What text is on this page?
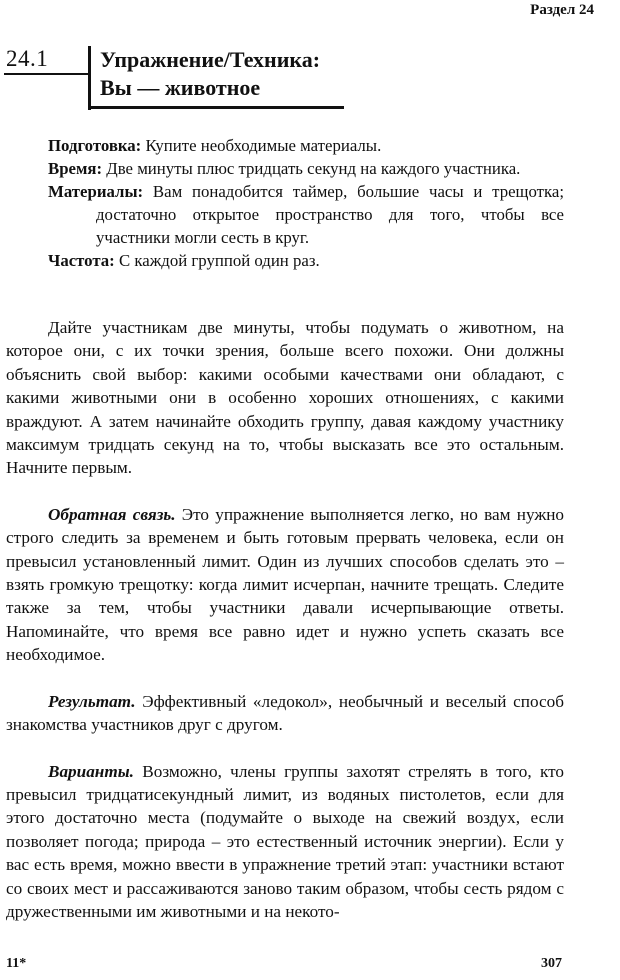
Раздел 24
24.1 Упражнение/Техника:
Вы — животное

Подготовка: Купите необходимые материалы.

Время: Две минуты плюс тридцать секунд на каждого участника.

Материалы: Вам понадобится таймер, большие часы и трещотка; достаточно открытое пространство для того, чтобы все участники могли сесть в круг.

Частота: С каждой группой один раз.

Дайте участникам две минуты, чтобы подумать о животном, на которое они, с их точки зрения, больше всего похожи. Они должны объяснить свой выбор: какими особыми качествами они обладают, с какими животными они в особенно хороших отношениях, с какими враждуют. А затем начинайте обходить группу, давая каждому участнику максимум тридцать секунд на то, чтобы высказать все это остальным. Начните первым.

Обратная связь. Это упражнение выполняется легко, но вам нужно строго следить за временем и быть готовым прервать человека, если он превысил установленный лимит. Один из лучших способов сделать это – взять громкую трещотку: когда лимит исчерпан, начните трещать. Следите также за тем, чтобы участники давали исчерпывающие ответы. Напоминайте, что время все равно идет и нужно успеть сказать все необходимое.

Результат. Эффективный «ледокол», необычный и веселый способ знакомства участников друг с другом.

Варианты. Возможно, члены группы захотят стрелять в того, кто превысил тридцатисекундный лимит, из водяных пистолетов, если для этого достаточно места (подумайте о выходе на свежий воздух, если позволяет погода; природа – это естественный источник энергии). Если у вас есть время, можно ввести в упражнение третий этап: участники встают со своих мест и рассаживаются заново таким образом, чтобы сесть рядом с дружественными им животными и на некото-

11*	307
